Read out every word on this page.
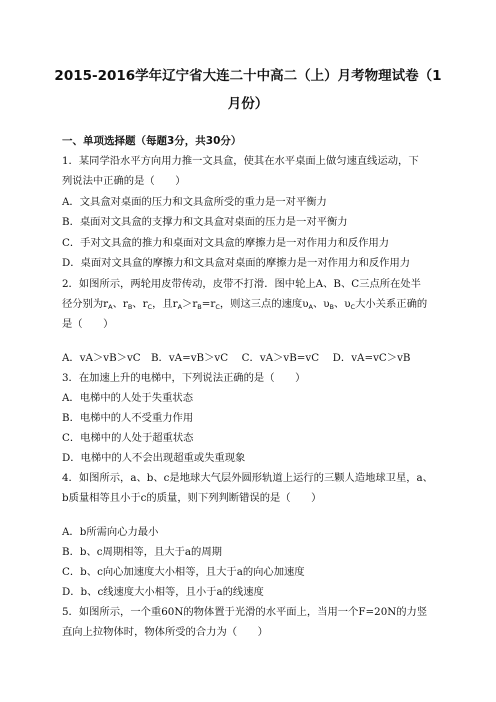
2015-2016学年辽宁省大连二十中高二（上）月考物理试卷（1
月份）
一、单项选择题（每题3分，共30分）
1．某同学沿水平方向用力推一文具盒，使其在水平桌面上做匀速直线运动，下
列说法中正确的是（　　）
A．文具盒对桌面的压力和文具盒所受的重力是一对平衡力
B．桌面对文具盒的支撑力和文具盒对桌面的压力是一对平衡力
C．手对文具盒的推力和桌面对文具盒的摩擦力是一对作用力和反作用力
D．桌面对文具盒的摩擦力和文具盒对桌面的摩擦力是一对作用力和反作用力
2．如图所示，两轮用皮带传动，皮带不打滑．图中轮上A、B、C三点所在处半
径分别为$r_A$、$r_B$、$r_C$，且$r_A>r_B=r_C$，则这三点的速度$\upsilon_A$、$\upsilon_B$、$\upsilon_C$大小关系正确的
是（　　）
A．vA＞vB＞vC　B．vA=vB＞vC　 C．vA＞vB=vC　 D．vA=vC＞vB
3．在加速上升的电梯中，下列说法正确的是（　　）
A．电梯中的人处于失重状态
B．电梯中的人不受重力作用
C．电梯中的人处于超重状态
D．电梯中的人不会出现超重或失重现象
4．如图所示，a、b、c是地球大气层外圆形轨道上运行的三颗人造地球卫星，a、
b质量相等且小于c的质量，则下列判断错误的是（　　）
A．b所需向心力最小
B．b、c周期相等，且大于a的周期
C．b、c向心加速度大小相等，且大于a的向心加速度
D．b、c线速度大小相等，且小于a的线速度
5．如图所示，一个重60N的物体置于光滑的水平面上，当用一个F=20N的力竖
直向上拉物体时，物体所受的合力为（　　）
